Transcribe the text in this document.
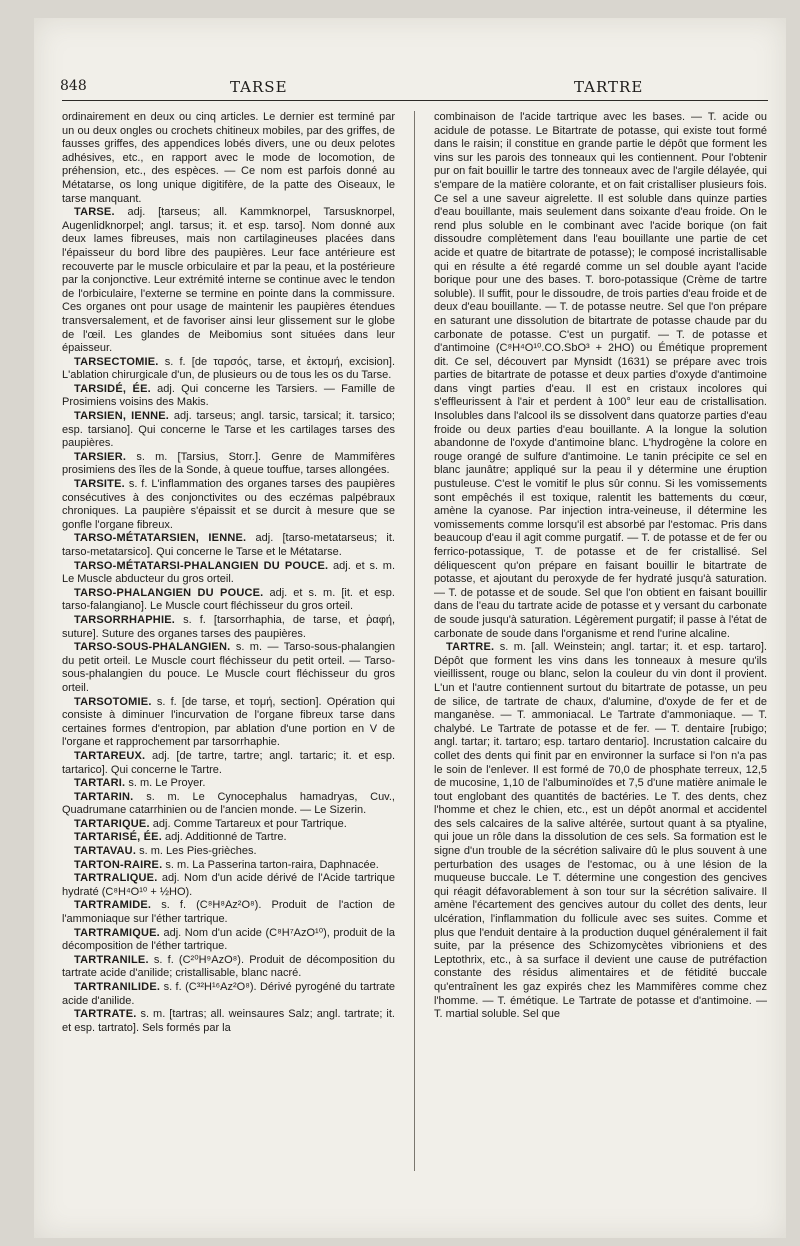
848	TARSE	TARTRE

ordinairement en deux ou cinq articles. Le dernier est terminé par un ou deux ongles ou crochets chitineux mobiles, par des griffes, de fausses griffes, des appendices lobés divers, une ou deux pelotes adhésives, etc., en rapport avec le mode de locomotion, de préhension, etc., des espèces. — Ce nom est parfois donné au Métatarse, os long unique digitifère, de la patte des Oiseaux, le tarse manquant.

TARSE. adj. [tarseus; all. Kammknorpel, Tarsusknorpel, Augenlidknorpel; angl. tarsus; it. et esp. tarso]. Nom donné aux deux lames fibreuses, mais non cartilagineuses placées dans l'épaisseur du bord libre des paupières. Leur face antérieure est recouverte par le muscle orbiculaire et par la peau, et la postérieure par la conjonctive. Leur extrémité interne se continue avec le tendon de l'orbiculaire, l'externe se termine en pointe dans la commissure. Ces organes ont pour usage de maintenir les paupières étendues transversalement, et de favoriser ainsi leur glissement sur le globe de l'œil. Les glandes de Meibomius sont situées dans leur épaisseur.

TARSECTOMIE. s. f. [de ταρσός, tarse, et ἐκτομή, excision]. L'ablation chirurgicale d'un, de plusieurs ou de tous les os du Tarse.

TARSIDÉ, ÉE. adj. Qui concerne les Tarsiers. — Famille de Prosimiens voisins des Makis.

TARSIEN, IENNE. adj. tarseus; angl. tarsic, tarsical; it. tarsico; esp. tarsiano]. Qui concerne le Tarse et les cartilages tarses des paupières.

TARSIER. s. m. [Tarsius, Storr.]. Genre de Mammifères prosimiens des îles de la Sonde, à queue touffue, tarses allongées.

TARSITE. s. f. L'inflammation des organes tarses des paupières consécutives à des conjonctivites ou des eczémas palpébraux chroniques. La paupière s'épaissit et se durcit à mesure que se gonfle l'organe fibreux.

TARSO-MÉTATARSIEN, IENNE. adj. [tarso-metatarseus; it. tarso-metatarsico]. Qui concerne le Tarse et le Métatarse.

TARSO-MÉTATARSI-PHALANGIEN DU POUCE. adj. et s. m. Le Muscle abducteur du gros orteil.

TARSO-PHALANGIEN DU POUCE. adj. et s. m. [it. et esp. tarso-falangiano]. Le Muscle court fléchisseur du gros orteil.

TARSORRHAPHIE. s. f. [tarsorrhaphia, de tarse, et ῥαφή, suture]. Suture des organes tarses des paupières.

TARSO-SOUS-PHALANGIEN. s. m. — Tarso-sous-phalangien du petit orteil. Le Muscle court fléchisseur du petit orteil. — Tarso-sous-phalangien du pouce. Le Muscle court fléchisseur du gros orteil.

TARSOTOMIE. s. f. [de tarse, et τομή, section]. Opération qui consiste à diminuer l'incurvation de l'organe fibreux tarse dans certaines formes d'entropion, par ablation d'une portion en V de l'organe et rapprochement par tarsorrhaphie.

TARTAREUX. adj. [de tartre, tartre; angl. tartaric; it. et esp. tartarico]. Qui concerne le Tartre.

TARTARI. s. m. Le Proyer.

TARTARIN. s. m. Le Cynocephalus hamadryas, Cuv., Quadrumane catarrhinien ou de l'ancien monde. — Le Sizerin.

TARTARIQUE. adj. Comme Tartareux et pour Tartrique.

TARTARISÉ, ÉE. adj. Additionné de Tartre.

TARTAVAU. s. m. Les Pies-grièches.

TARTON-RAIRE. s. m. La Passerina tarton-raira, Daphnacée.

TARTRALIQUE. adj. Nom d'un acide dérivé de l'Acide tartrique hydraté (C⁸H⁴O¹⁰ + ½HO).

TARTRAMIDE. s. f. (C⁸H⁸Az²O⁸). Produit de l'action de l'ammoniaque sur l'éther tartrique.

TARTRAMIQUE. adj. Nom d'un acide (C⁸H⁷AzO¹⁰), produit de la décomposition de l'éther tartrique.

TARTRANILE. s. f. (C²⁰H⁹AzO⁸). Produit de décomposition du tartrate acide d'anilide; cristallisable, blanc nacré.

TARTRANILIDE. s. f. (C³²H¹⁶Az²O⁸). Dérivé pyrogéné du tartrate acide d'anilide.

TARTRATE. s. m. [tartras; all. weinsaures Salz; angl. tartrate; it. et esp. tartrato]. Sels formés par la

combinaison de l'acide tartrique avec les bases. — T. acide ou acidule de potasse. Le Bitartrate de potasse, qui existe tout formé dans le raisin; il constitue en grande partie le dépôt que forment les vins sur les parois des tonneaux qui les contiennent. Pour l'obtenir pur on fait bouillir le tartre des tonneaux avec de l'argile délayée, qui s'empare de la matière colorante, et on fait cristalliser plusieurs fois. Ce sel a une saveur aigrelette. Il est soluble dans quinze parties d'eau bouillante, mais seulement dans soixante d'eau froide. On le rend plus soluble en le combinant avec l'acide borique (on fait dissoudre complètement dans l'eau bouillante une partie de cet acide et quatre de bitartrate de potasse); le composé incristallisable qui en résulte a été regardé comme un sel double ayant l'acide borique pour une des bases. T. boro-potassique (Crème de tartre soluble). Il suffit, pour le dissoudre, de trois parties d'eau froide et de deux d'eau bouillante. — T. de potasse neutre. Sel que l'on prépare en saturant une dissolution de bitartrate de potasse chaude par du carbonate de potasse. C'est un purgatif. — T. de potasse et d'antimoine (C⁸H⁴O¹⁰.CO.SbO³ + 2HO) ou Émétique proprement dit. Ce sel, découvert par Mynsidt (1631) se prépare avec trois parties de bitartrate de potasse et deux parties d'oxyde d'antimoine dans vingt parties d'eau. Il est en cristaux incolores qui s'effleurissent à l'air et perdent à 100° leur eau de cristallisation. Insolubles dans l'alcool ils se dissolvent dans quatorze parties d'eau froide ou deux parties d'eau bouillante. A la longue la solution abandonne de l'oxyde d'antimoine blanc. L'hydrogène la colore en rouge orangé de sulfure d'antimoine. Le tanin précipite ce sel en blanc jaunâtre; appliqué sur la peau il y détermine une éruption pustuleuse. C'est le vomitif le plus sûr connu. Si les vomissements sont empêchés il est toxique, ralentit les battements du cœur, amène la cyanose. Par injection intra-veineuse, il détermine les vomissements comme lorsqu'il est absorbé par l'estomac. Pris dans beaucoup d'eau il agit comme purgatif. — T. de potasse et de fer ou ferrico-potassique, T. de potasse et de fer cristallisé. Sel déliquescent qu'on prépare en faisant bouillir le bitartrate de potasse, et ajoutant du peroxyde de fer hydraté jusqu'à saturation. — T. de potasse et de soude. Sel que l'on obtient en faisant bouillir dans de l'eau du tartrate acide de potasse et y versant du carbonate de soude jusqu'à saturation. Légèrement purgatif; il passe à l'état de carbonate de soude dans l'organisme et rend l'urine alcaline.

TARTRE. s. m. [all. Weinstein; angl. tartar; it. et esp. tartaro]. Dépôt que forment les vins dans les tonneaux à mesure qu'ils vieillissent, rouge ou blanc, selon la couleur du vin dont il provient. L'un et l'autre contiennent surtout du bitartrate de potasse, un peu de silice, de tartrate de chaux, d'alumine, d'oxyde de fer et de manganèse. — T. ammoniacal. Le Tartrate d'ammoniaque. — T. chalybé. Le Tartrate de potasse et de fer. — T. dentaire [rubigo; angl. tartar; it. tartaro; esp. tartaro dentario]. Incrustation calcaire du collet des dents qui finit par en environner la surface si l'on n'a pas le soin de l'enlever. Il est formé de 70,0 de phosphate terreux, 12,5 de mucosine, 1,10 de l'albuminoïdes et 7,5 d'une matière animale le tout englobant des quantités de bactéries. Le T. des dents, chez l'homme et chez le chien, etc., est un dépôt anormal et accidentel des sels calcaires de la salive altérée, surtout quant à sa ptyaline, qui joue un rôle dans la dissolution de ces sels. Sa formation est le signe d'un trouble de la sécrétion salivaire dû le plus souvent à une perturbation des usages de l'estomac, ou à une lésion de la muqueuse buccale. Le T. détermine une congestion des gencives qui réagit défavorablement à son tour sur la sécrétion salivaire. Il amène l'écartement des gencives autour du collet des dents, leur ulcération, l'inflammation du follicule avec ses suites. Comme et plus que l'enduit dentaire à la production duquel généralement il fait suite, par la présence des Schizomycètes vibrioniens et des Leptothrix, etc., à sa surface il devient une cause de putréfaction constante des résidus alimentaires et de fétidité buccale qu'entraînent les gaz expirés chez les Mammifères comme chez l'homme. — T. émétique. Le Tartrate de potasse et d'antimoine. — T. martial soluble. Sel que
